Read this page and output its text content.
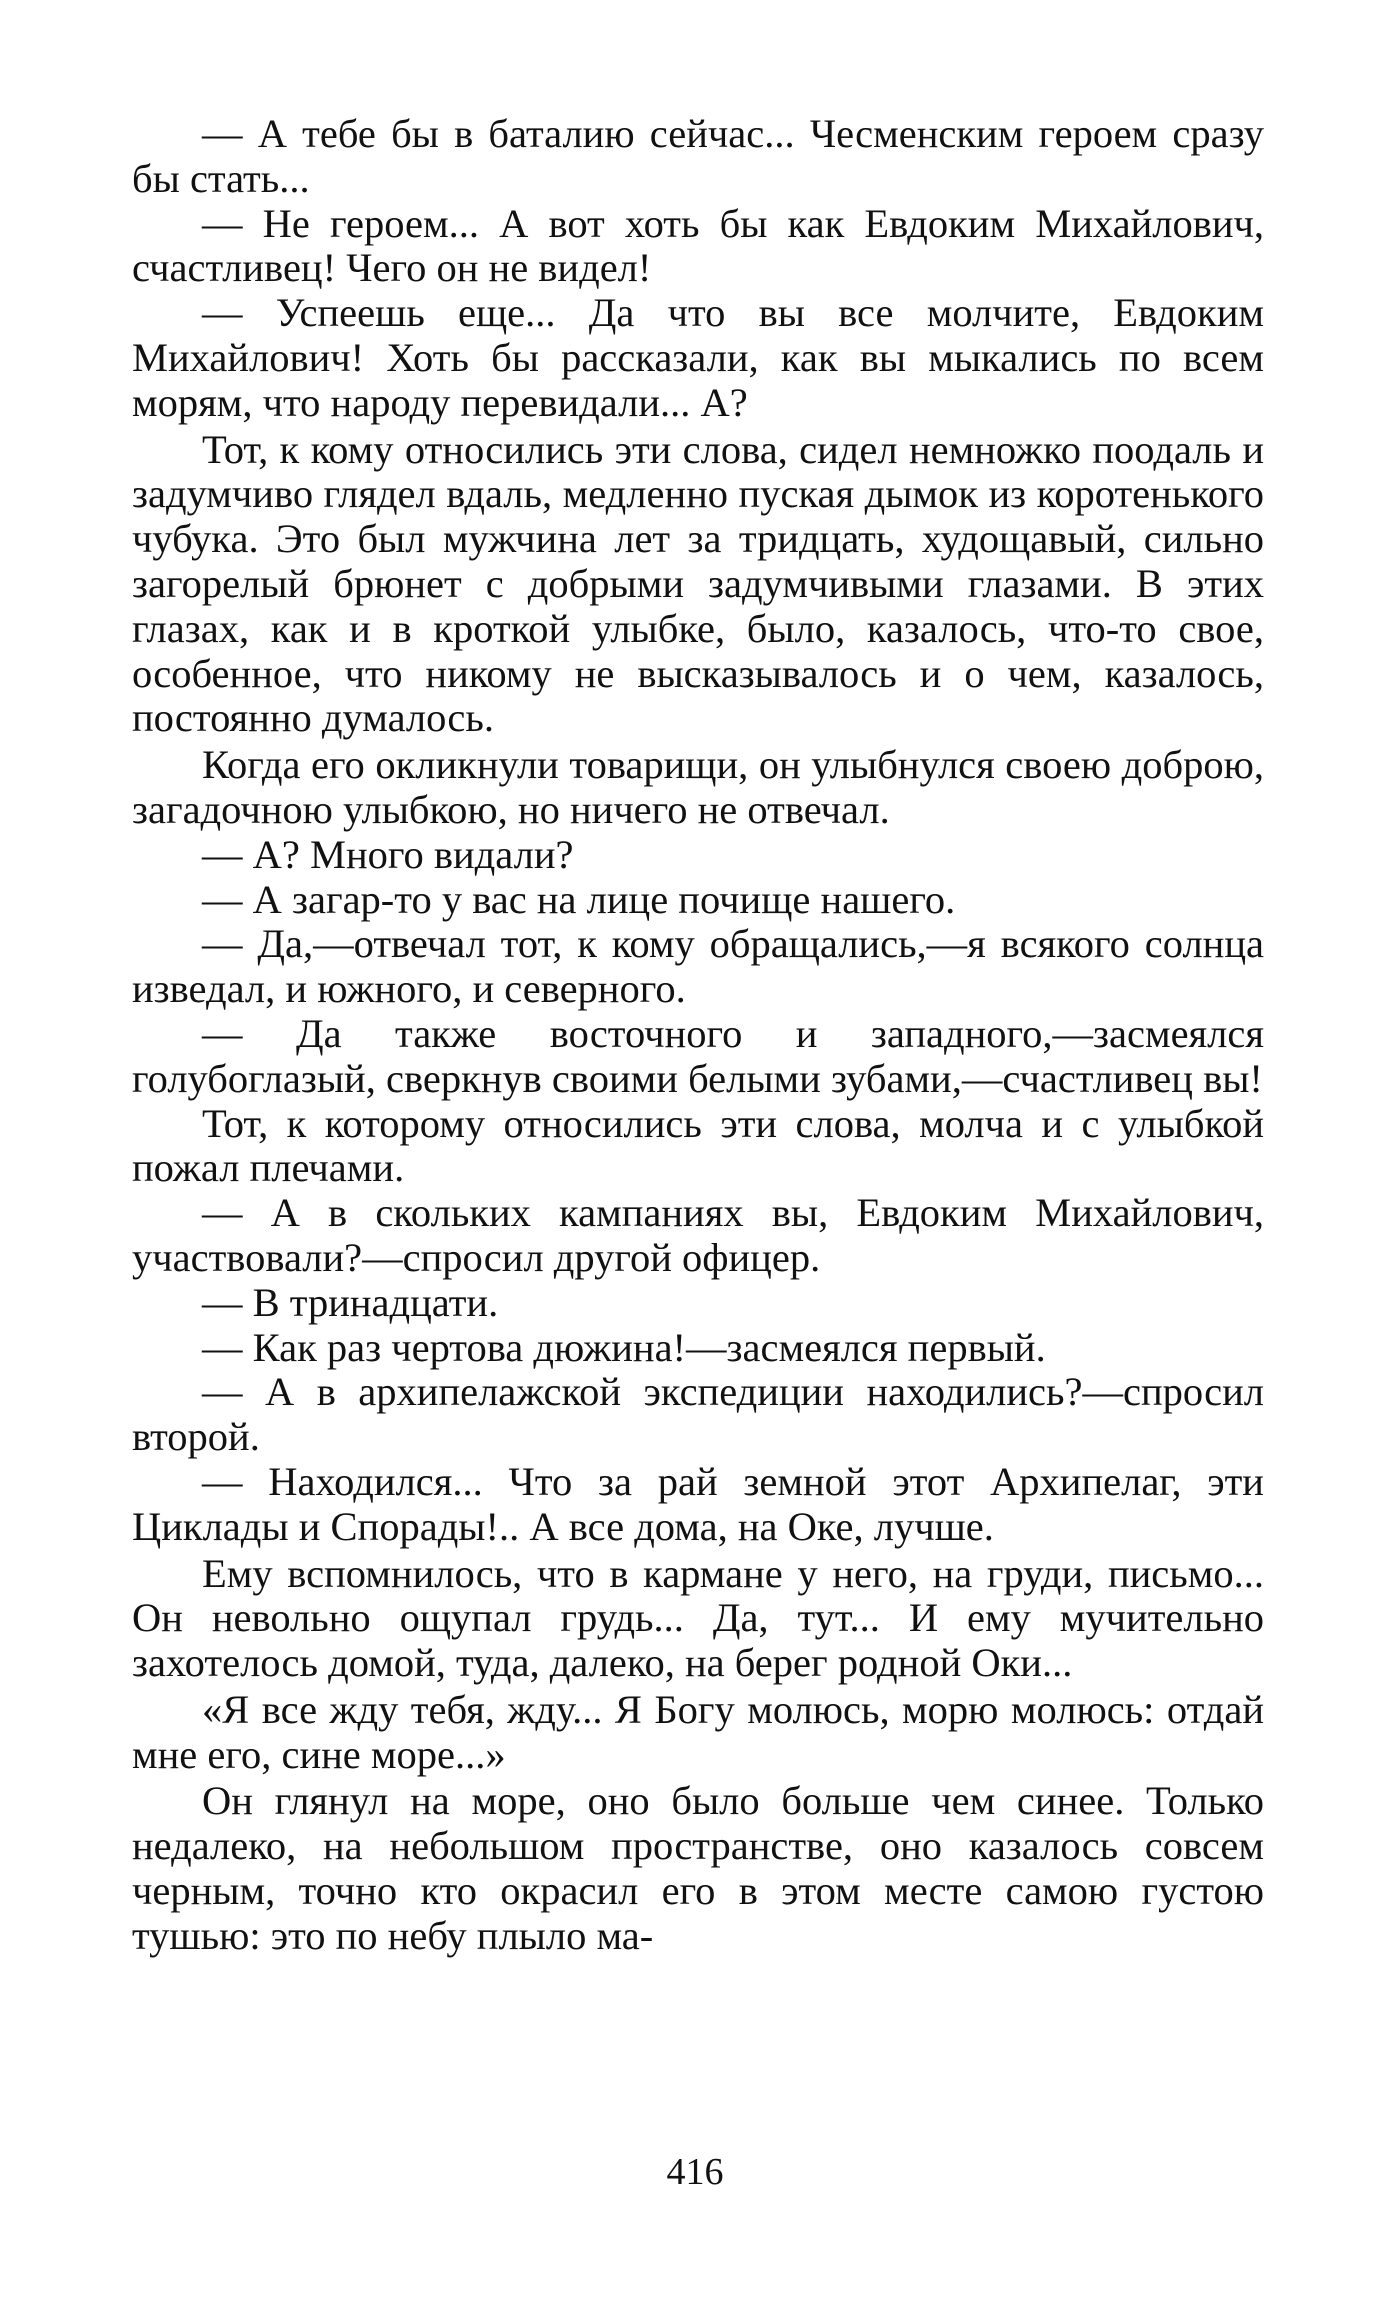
— А тебе бы в баталию сейчас... Чесменским героем сразу бы стать...

— Не героем... А вот хоть бы как Евдоким Михайлович, счастливец! Чего он не видел!

— Успеешь еще... Да что вы все молчите, Евдоким Михайлович! Хоть бы рассказали, как вы мыкались по всем морям, что народу перевидали... А?

Тот, к кому относились эти слова, сидел немножко поодаль и задумчиво глядел вдаль, медленно пуская дымок из коротенького чубука. Это был мужчина лет за тридцать, худощавый, сильно загорелый брюнет с добрыми задумчивыми глазами. В этих глазах, как и в кроткой улыбке, было, казалось, что-то свое, особенное, что никому не высказывалось и о чем, казалось, постоянно думалось.

Когда его окликнули товарищи, он улыбнулся своею доброю, загадочною улыбкою, но ничего не отвечал.

— А? Много видали?

— А загар-то у вас на лице почище нашего.

— Да,—отвечал тот, к кому обращались,—я всякого солнца изведал, и южного, и северного.

— Да также восточного и западного,—засмеялся голубоглазый, сверкнув своими белыми зубами,—счастливец вы!

Тот, к которому относились эти слова, молча и с улыбкой пожал плечами.

— А в скольких кампаниях вы, Евдоким Михайлович, участвовали?—спросил другой офицер.

— В тринадцати.

— Как раз чертова дюжина!—засмеялся первый.

— А в архипелажской экспедиции находились?—спросил второй.

— Находился... Что за рай земной этот Архипелаг, эти Циклады и Спорады!.. А все дома, на Оке, лучше.

Ему вспомнилось, что в кармане у него, на груди, письмо... Он невольно ощупал грудь... Да, тут... И ему мучительно захотелось домой, туда, далеко, на берег родной Оки...

«Я все жду тебя, жду... Я Богу молюсь, морю молюсь: отдай мне его, сине море...»

Он глянул на море, оно было больше чем синее. Только недалеко, на небольшом пространстве, оно казалось совсем черным, точно кто окрасил его в этом месте самою густою тушью: это по небу плыло ма-

416
